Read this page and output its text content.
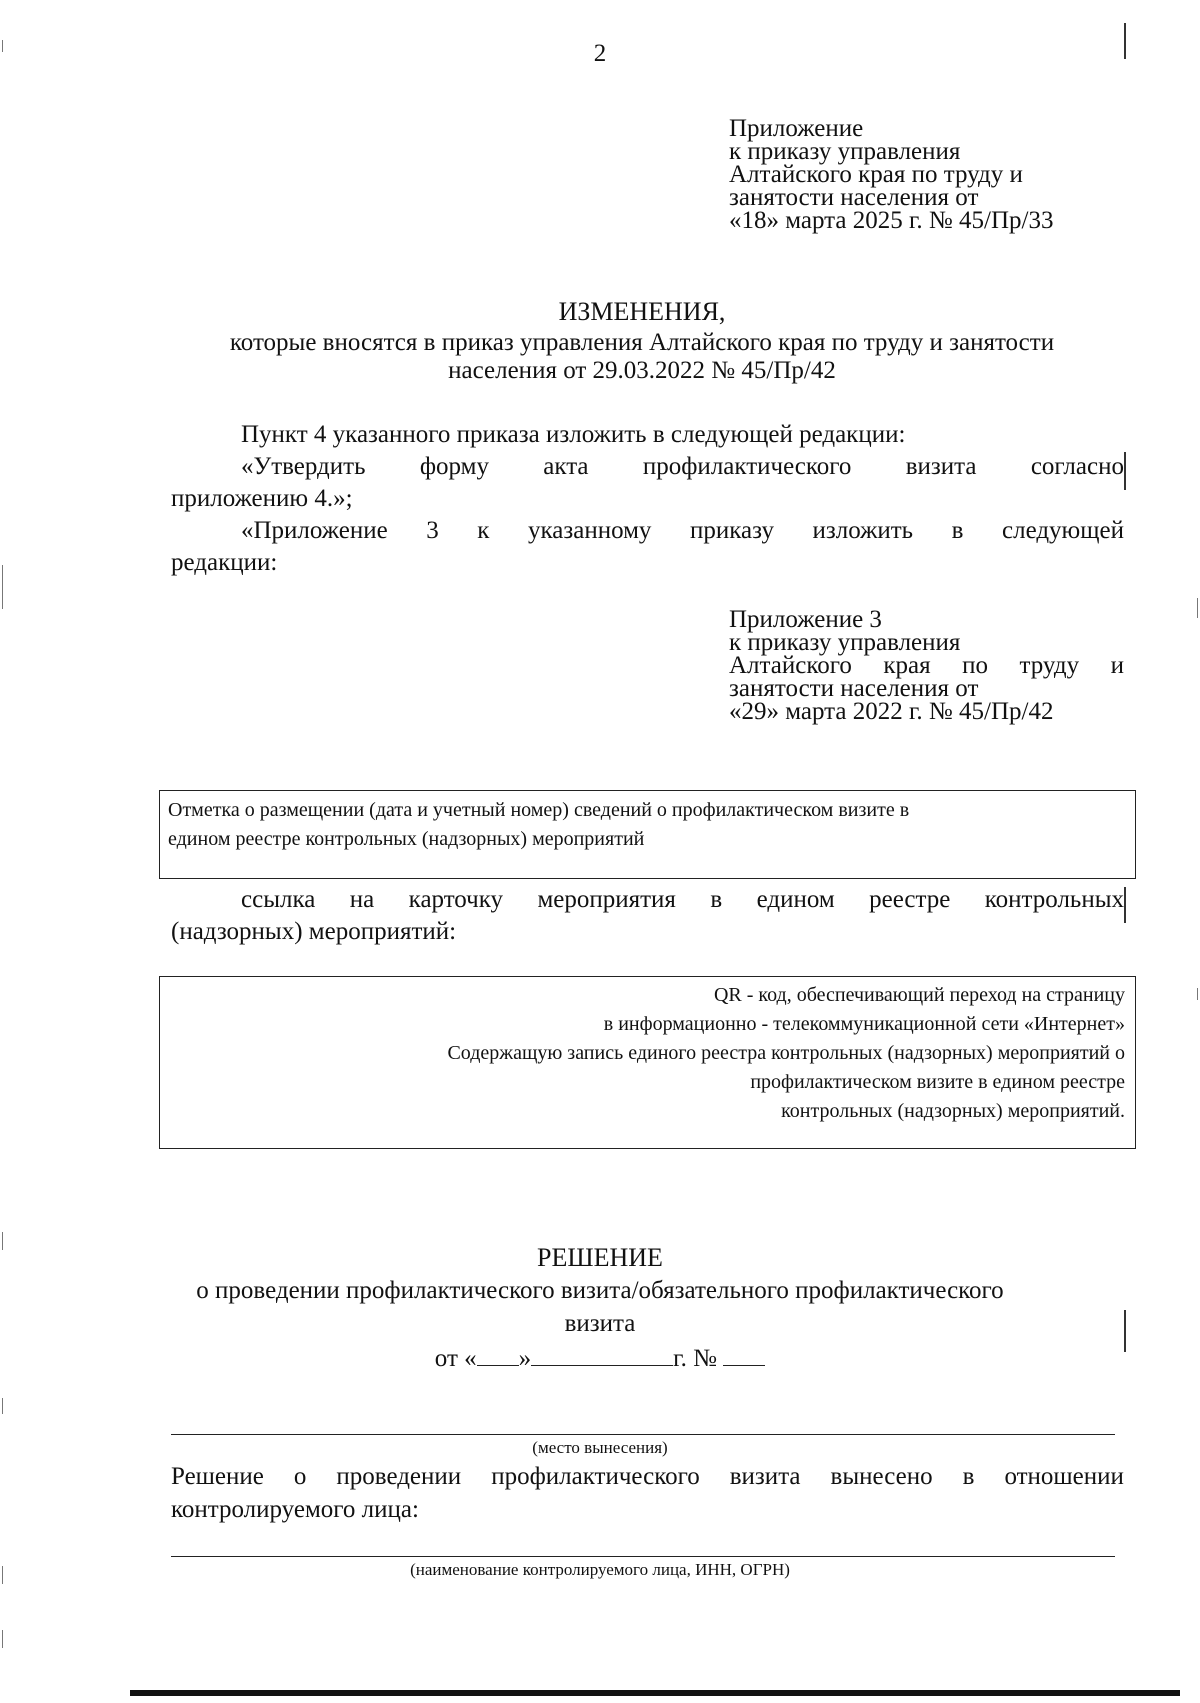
2
Приложение
к приказу управления
Алтайского края по труду и
занятости населения от
«18» марта 2025 г. № 45/Пр/33
ИЗМЕНЕНИЯ,
которые вносятся в приказ управления Алтайского края по труду и занятости
населения от 29.03.2022 № 45/Пр/42
Пункт 4 указанного приказа изложить в следующей редакции:
«Утвердить форму акта профилактического визита согласно
приложению 4.»;
«Приложение 3 к указанному приказу изложить в следующей
редакции:
Приложение 3
к приказу управления
Алтайского края по труду и
занятости населения от
«29» марта 2022 г. № 45/Пр/42
Отметка о размещении (дата и учетный номер) сведений о профилактическом визите в
едином реестре контрольных (надзорных) мероприятий
ссылка на карточку мероприятия в едином реестре контрольных
(надзорных) мероприятий:
QR - код, обеспечивающий переход на страницу
в информационно - телекоммуникационной сети «Интернет»
Содержащую запись единого реестра контрольных (надзорных) мероприятий о
профилактическом визите в едином реестре
контрольных (надзорных) мероприятий.
РЕШЕНИЕ
о проведении профилактического визита/обязательного профилактического
визита
от « »	г. №
(место вынесения)
Решение о проведении профилактического визита вынесено в отношении
контролируемого лица:
(наименование контролируемого лица, ИНН, ОГРН)
